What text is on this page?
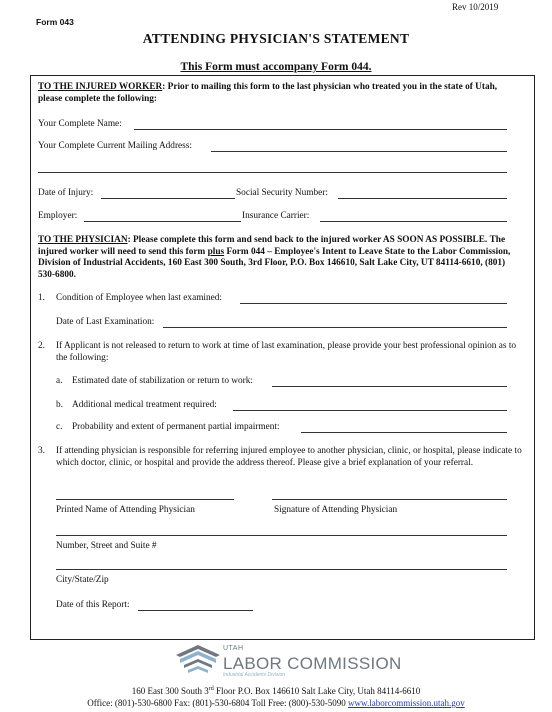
Rev 10/2019
Form 043
ATTENDING PHYSICIAN'S STATEMENT
This Form must accompany Form 044.
TO THE INJURED WORKER: Prior to mailing this form to the last physician who treated you in the state of Utah, please complete the following:
Your Complete Name:
Your Complete Current Mailing Address:
Date of Injury:	Social Security Number:
Employer:	Insurance Carrier:
TO THE PHYSICIAN: Please complete this form and send back to the injured worker AS SOON AS POSSIBLE. The injured worker will need to send this form plus Form 044 – Employee's Intent to Leave State to the Labor Commission, Division of Industrial Accidents, 160 East 300 South, 3rd Floor, P.O. Box 146610, Salt Lake City, UT 84114-6610, (801) 530-6800.
1. Condition of Employee when last examined:
Date of Last Examination:
2. If Applicant is not released to return to work at time of last examination, please provide your best professional opinion as to the following:
a. Estimated date of stabilization or return to work:
b. Additional medical treatment required:
c. Probability and extent of permanent partial impairment:
3. If attending physician is responsible for referring injured employee to another physician, clinic, or hospital, please indicate to which doctor, clinic, or hospital and provide the address thereof. Please give a brief explanation of your referral.
Printed Name of Attending Physician	Signature of Attending Physician
Number, Street and Suite #
City/State/Zip
Date of this Report:
UTAH
LABOR COMMISSION
Industrial Accidents Division
160 East 300 South 3rd Floor P.O. Box 146610 Salt Lake City, Utah 84114-6610
Office: (801)-530-6800 Fax: (801)-530-6804 Toll Free: (800)-530-5090 www.laborcommission.utah.gov
